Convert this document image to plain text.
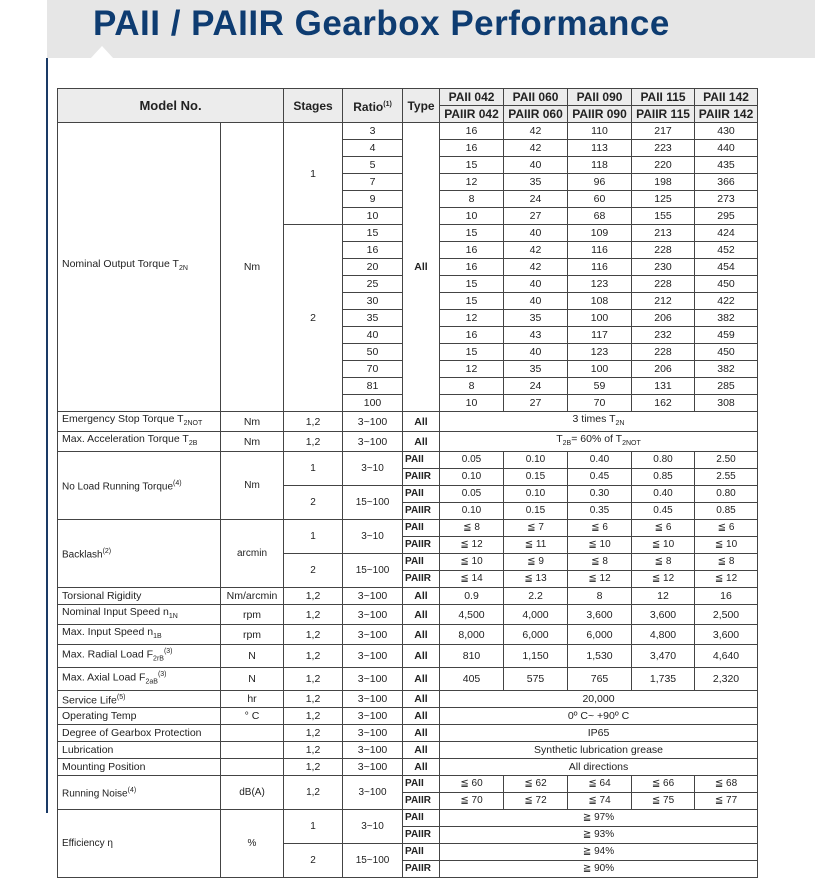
PAII / PAIIR Gearbox Performance
Model No.		Stages	Ratio$^{(1)}$	Type	PAII 042	PAII 060	PAII 090	PAII 115	PAII 142
					PAIIR 042	PAIIR 060	PAIIR 090	PAIIR 115	PAIIR 142
Nominal Output Torque $T_{2N}$	Nm	1	3	All	16	42	110	217	430
			4		16	42	113	223	440
			5		15	40	118	220	435
			7		12	35	96	198	366
			9		8	24	60	125	273
			10		10	27	68	155	295
		2	15		15	40	109	213	424
			16		16	42	116	228	452
			20		16	42	116	230	454
			25		15	40	123	228	450
			30		15	40	108	212	422
			35		12	35	100	206	382
			40		16	43	117	232	459
			50		15	40	123	228	450
			70		12	35	100	206	382
			81		8	24	59	131	285
			100		10	27	70	162	308
Emergency Stop Torque $T_{2NOT}$	Nm	1,2	3~100	All	3 times $T_{2N}$
Max. Acceleration Torque $T_{2B}$	Nm	1,2	3~100	All	$T_{2B}= 60\%$ of $T_{2NOT}$
No Load Running Torque$^{(4)}$	Nm	1	3~10	PAII	0.05	0.10	0.40	0.80	2.50
				PAIIR	0.10	0.15	0.45	0.85	2.55
		2	15~100	PAII	0.05	0.10	0.30	0.40	0.80
				PAIIR	0.10	0.15	0.35	0.45	0.85
Backlash$^{(2)}$	arcmin	1	3~10	PAII	≦ 8	≦ 7	≦ 6	≦ 6	≦ 6
				PAIIR	≦ 12	≦ 11	≦ 10	≦ 10	≦ 10
		2	15~100	PAII	≦ 10	≦ 9	≦ 8	≦ 8	≦ 8
				PAIIR	≦ 14	≦ 13	≦ 12	≦ 12	≦ 12
Torsional Rigidity	Nm/arcmin	1,2	3~100	All	0.9	2.2	8	12	16
Nominal Input Speed $n_{1N}$	rpm	1,2	3~100	All	4,500	4,000	3,600	3,600	2,500
Max. Input Speed $n_{1B}$	rpm	1,2	3~100	All	8,000	6,000	6,000	4,800	3,600
Max. Radial Load $F_{2rB}^{(3)}$	N	1,2	3~100	All	810	1,150	1,530	3,470	4,640
Max. Axial Load $F_{2aB}^{(3)}$	N	1,2	3~100	All	405	575	765	1,735	2,320
Service Life$^{(5)}$	hr	1,2	3~100	All	20,000				
Operating Temp	° C	1,2	3~100	All	0º C~ +90º C				
Degree of Gearbox Protection		1,2	3~100	All	IP65				
Lubrication		1,2	3~100	All	Synthetic lubrication grease				
Mounting Position		1,2	3~100	All	All directions				
Running Noise$^{(4)}$	dB(A)	1,2	3~100	PAII	≦ 60	≦ 62	≦ 64	≦ 66	≦ 68
				PAIIR	≦ 70	≦ 72	≦ 74	≦ 75	≦ 77
Efficiency η	%	1	3~10	PAII	≧ 97%				
				PAIIR	≧ 93%				
		2	15~100	PAII	≧ 94%				
				PAIIR	≧ 90%				
